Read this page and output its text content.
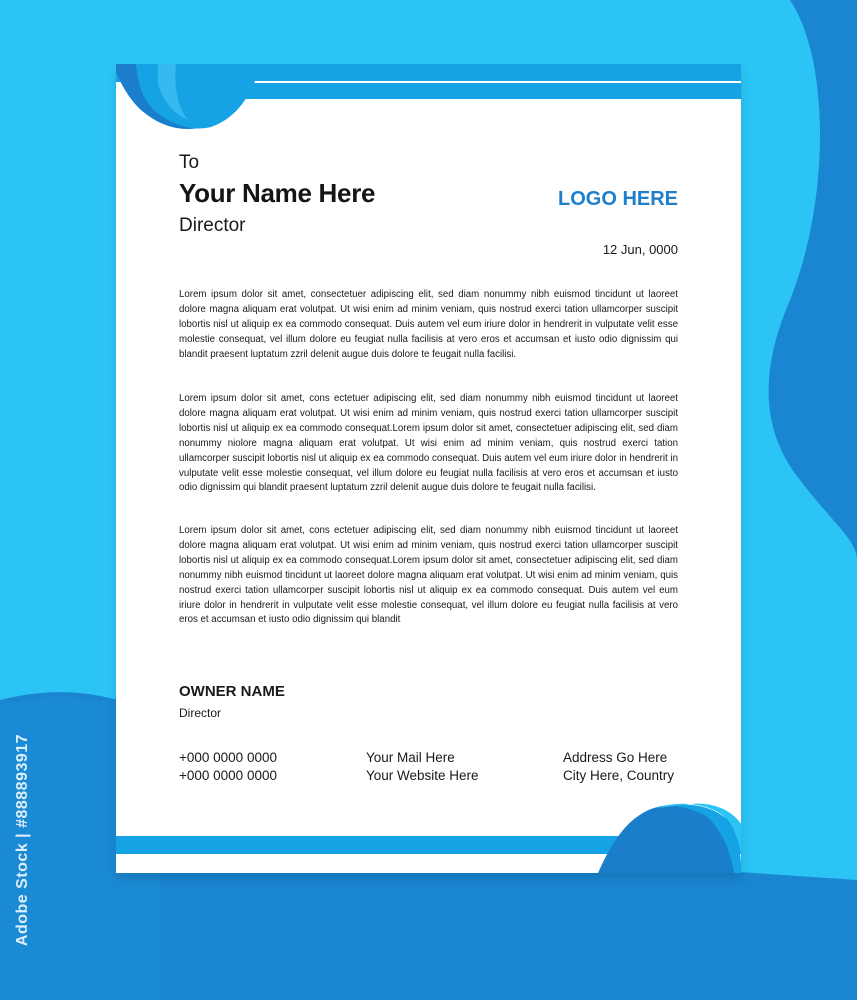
Adobe Stock | #888893917

To

Your Name Here

Director

LOGO HERE

12 Jun, 0000

Lorem ipsum dolor sit amet, consectetuer adipiscing elit, sed diam nonummy nibh euismod tincidunt ut laoreet dolore magna aliquam erat volutpat. Ut wisi enim ad minim veniam, quis nostrud exerci tation ullamcorper suscipit lobortis nisl ut aliquip ex ea commodo consequat. Duis autem vel eum iriure dolor in hendrerit in vulputate velit esse molestie consequat, vel illum dolore eu feugiat nulla facilisis at vero eros et accumsan et iusto odio dignissim qui blandit praesent luptatum zzril delenit augue duis dolore te feugait nulla facilisi.

Lorem ipsum dolor sit amet, cons ectetuer adipiscing elit, sed diam nonummy nibh euismod tincidunt ut laoreet dolore magna aliquam erat volutpat. Ut wisi enim ad minim veniam, quis nostrud exerci tation ullamcorper suscipit lobortis nisl ut aliquip ex ea commodo consequat.Lorem ipsum dolor sit amet, consectetuer adipiscing elit, sed diam nonummy niolore magna aliquam erat volutpat. Ut wisi enim ad minim veniam, quis nostrud exerci tation ullamcorper suscipit lobortis nisl ut aliquip ex ea commodo consequat. Duis autem vel eum iriure dolor in hendrerit in vulputate velit esse molestie consequat, vel illum dolore eu feugiat nulla facilisis at vero eros et accumsan et iusto odio dignissim qui blandit praesent luptatum zzril delenit augue duis dolore te feugait nulla facilisi.

Lorem ipsum dolor sit amet, cons ectetuer adipiscing elit, sed diam nonummy nibh euismod tincidunt ut laoreet dolore magna aliquam erat volutpat. Ut wisi enim ad minim veniam, quis nostrud exerci tation ullamcorper suscipit lobortis nisl ut aliquip ex ea commodo consequat.Lorem ipsum dolor sit amet, consectetuer adipiscing elit, sed diam nonummy nibh euismod tincidunt ut laoreet dolore magna aliquam erat volutpat. Ut wisi enim ad minim veniam, quis nostrud exerci tation ullamcorper suscipit lobortis nisl ut aliquip ex ea commodo consequat. Duis autem vel eum iriure dolor in hendrerit in vulputate velit esse molestie consequat, vel illum dolore eu feugiat nulla facilisis at vero eros et accumsan et iusto odio dignissim qui blandit

OWNER NAME

Director

+000 0000 0000
+000 0000 0000
Your Mail Here
Your Website Here
Address Go Here
City Here, Country
